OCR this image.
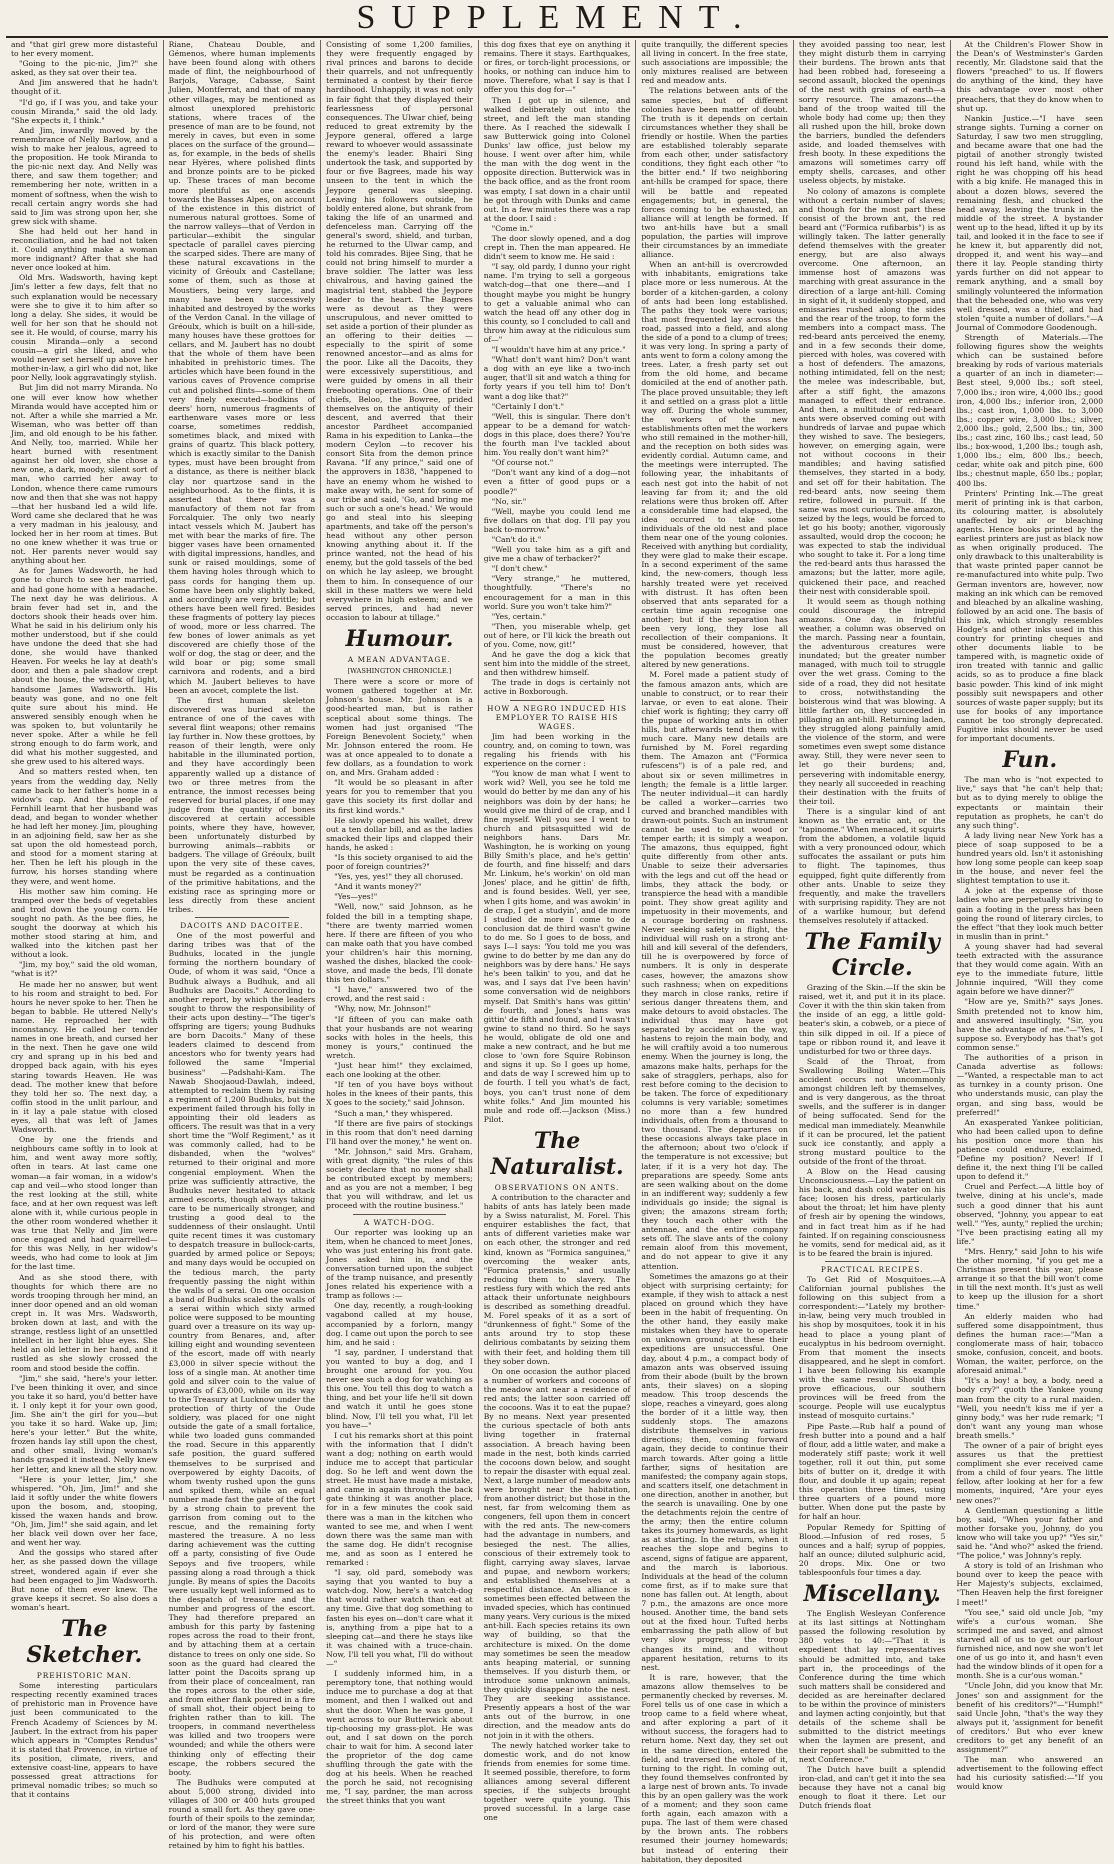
SUPPLEMENT.

and "that girl grew more distasteful to her every moment.

"Going to the pic-nic, Jim?" she asked, as they sat over their tea.

And Jim answered that he hadn't thought of it.

"I'd go, if I was you, and take your cousin Miranda," said the old lady. "She expects it, I think."

And Jim, inwardly moved by the remembrance of Nelly Barlow, and a wish to make her jealous, agreed to the proposition. He took Miranda to the pic-nic next day. And Nelly was there, and saw them together; and remembering her note, written in a moment of softness, when the wish to recall certain angry words she had said to Jim was strong upon her, she grew sick with shame.

She had held out her hand in reconciliation, and he had not taken it. Could anything make a woman more indignant? After that she had never once looked at him.

Old Mrs. Wadsworth, having kept Jim's letter a few days, felt that no such explanation would be necessary were she to give it to him after so long a delay. She sides, it would be well for her son that he should not see it. He would, of course, marry his cousin Miranda—only a second cousin—a girl she liked, and who would never set herself up above her mother-in-law, a girl who did not, like poor Nelly, look aggravatingly stylish.

But Jim did not marry Miranda. No one will ever know how whether Miranda would have accepted him or not. After a while she married a Mr. Wiseman, who was better off than Jim, and old enough to be his father. And Nelly, too, married. While her heart burned with resentment against her old lover, she chose a new one, a dark, moody, silent sort of man, who carried her away to London, whence there came rumours now and then that she was not happy—that her husband led a wild life. Word came she declared that he was a very madman in his jealousy, and locked her in her room at times. But no one knew whether it was true or not. Her parents never would say anything about her.

As for James Wadsworth, he had gone to church to see her married, and had gone home with a headache. The next day he was delirious. A brain fever had set in, and the doctors shook their heads over him. What he said in his delirium only his mother understood, but if she could have undone the deed that she had done, she would have thanked Heaven. For weeks he lay at death's door, and then a pale shadow crept about the house, the wreck of light, handsome James Wadsworth. His beauty was gone, and no one felt quite sure about his mind. He answered sensibly enough when he was spoken to, but voluntarily he never spoke. After a while he fell strong enough to do farm work, and did what his mother suggested, and she grew used to his altered ways.

And so matters rested when, ten years from the wedding day, Nelly came back to her father's home in a widow's cap. And the people of Fernhill learnt that her husband was dead, and began to wonder whether he had left her money. Jim, ploughing in an adjoining field, saw her as she sat upon the old homestead porch, and stood for a moment staring at her. Then he left his plough in the furrow, his horses standing where they were, and went home.

His mother saw him coming. He tramped over the beds of vegetables and trod down the young corn. He sought no path. As the bee flies, he sought the doorway at which his mother stood staring at him, and walked into the kitchen past her without a look.

"Jim, my boy," said the old woman, "what is it?"

He made her no answer, but went to his room and straight to bed. For hours he never spoke to her. Then he began to babble. He uttered Nelly's name. He reproached her with inconstancy. He called her tender names in one breath, and cursed her in the next. Then he gave one wild cry and sprang up in his bed and dropped back again, with his eyes staring towards Heaven. He was dead. The mother knew that before they told her so. The next day, a coffin stood in the unlit parlour, and in it lay a pale statue with closed eyes, all that was left of James Wadsworth.

One by one the friends and neighbours came softly in to look at him, and went away more softly, often in tears. At last came one woman—a fair woman, in a widow's cap and veil—who stood longer than the rest looking at the still, white face, and at her own request was left alone with it, while curious people in the other room wondered whether it was true that Nelly and Jim were once engaged and had quarrelled—for this was Nelly, in her widow's weeds, who had come to look at Jim for the last time.

And as she stood there, with thoughts for which there are no words trooping through her mind, an inner door opened and an old woman crept in. It was Mrs. Wadsworth, broken down at last, and with the strange, restless light of an unsettled intellect in her light blue eyes. She held an old letter in her hand, and it rustled as she slowly crossed the room and stood beside the coffin.

"Jim," she said, "here's your letter. I've been thinking it over, and since you take it so hard, you'd better have it. I only kept it for your own good, Jim. She ain't the girl for you—but you take it so hard. Wake up, Jim; here's your letter." But the white, frozen hands lay still upon the chest, and other small, living woman's hands grasped it instead. Nelly knew her letter, and knew all the story now.

"Here is your letter, Jim," she whispered. "Oh, Jim, Jim!" and she laid it softly under the white flowers upon the bosom, and, stooping, kissed the waxen hands and brow. "Oh, Jim, Jim!" she said again, and let her black veil down over her face, and went her way.

And the gossips who stared after her, as she passed down the village street, wondered again if ever she had been engaged to Jim Wadsworth. But none of them ever knew. The grave keeps it secret. So also does a woman's heart.

The Sketcher.
PREHISTORIC MAN.

Some interesting particulars respecting recently examined traces of prehistoric man in Provence have just been communicated to the French Academy of Sciences by M. Jaubert. In the extract from his paper which appears in "Comptes Rendus" it is stated that Provence, in virtue of its position, climate, rivers, and extensive coast-line, appears to have possessed great attractions for primeval nomadic tribes; so much so that it contains

Riane, Chateau Double, and Gémenos, where human implements have been found along with others made of flint, the neighbourhood of Barjols, Varage, Cabasse, Saint Julien, Montferrat, and that of many other villages, may be mentioned as almost unexplored prehistoric stations, where traces of the presence of man are to be found, not merely in caves, but even in some places on the surface of the ground—as, for example, in the beds of shells near Hyères, where polished flints and bronze points are to be picked up. These traces of man become more plentiful as one ascends towards the Basses Alpes, on account of the existence in this district of numerous natural grottoes. Some of the narrow valleys—that of Verdon in particular—exhibit the singular spectacle of parallel caves piercing the scarped sides. There are many of these natural excavations in the vicinity of Gréoulx and Castellane; some of them, such as those at Moustiers, being very large, and many have been successively inhabited and destroyed by the works of the Verdon Canal. In the village of Gréoulx, which is built on a hill-side, many houses have these grottoes for cellars, and M. Jaubert has no doubt that the whole of them have been inhabited in prehistoric times. The articles which have been found in the various caves of Provence comprise cut and polished flints—some of them very finely executed—bodkins of deers' horn, numerous fragments of earthenware vases more or less coarse, sometimes reddish, sometimes black, and mixed with grains of quartz. This black pottery, which is exactly similar to the Danish types, must have been brought from a distance, as there is neither black clay nor quartzose sand in the neighbourhood. As to the flints, it is asserted that there was a manufactory of them not far from Forcalquier. The only two nearly intact vessels which M. Jaubert has met with bear the marks of fire. The bigger vases have been ornamented with digital impressions, handles, and sunk or raised mouldings, some of them having holes through which to pass cords for hanging them up. Some have been only slightly baked, and accordingly are very brittle; but others have been well fired. Besides these fragments of pottery lay pieces of wood, more or less charred. The few bones of lower animals as yet discovered are chiefly those of the wolf or dog, the stag or deer, and the wild boar or pig; some small carnivora and rodents, and a bird which M. Jaubert believes to have been an avocet, complete the list.

The first human skeleton discovered was buried at the entrance of one of the caves with several flint weapons; other remains lay further in. Now these grottoes, by reason of their length, were only habitable in the illuminated portion, and they have accordingly been apparently walled up a distance of two or three metres from the entrance, the inmost recesses being reserved for burial places, if one may judge from the quantity of bones discovered at certain accessible points, where they have, however, been unfortunately disturbed by burrowing animals—rabbits or badgers. The village of Gréoulx, built upon the very site of these caves, must be regarded as a continuation of the primitive habitations, and the existing race as springing more or less directly from these ancient tribes.

DACOITS AND DACOITEE.

One of the most powerful and daring tribes was that of the Budhuks, located in the jungle forming the northern boundary of Oude, of whom it was said, "Once a Budhuk always a Budhuk, and all Budhuks are Dacoits." According to another report, by which the leaders sought to throw the responsibility of their acts upon destiny—"The tiger's offspring are tigers; young Budhuks are born Dacoits." Many of these leaders claimed to descend from ancestors who for twenty years had followed the same "Imperial business" —Padshahi-Kam. The Nawab Shoojaoud-Dawlah, indeed, attempted to reclaim them by raising a regiment of 1,200 Budhuks, but the experiment failed through his folly in appointing their old leaders as officers. The result was that in a very short time the "Wolf Regiment," as it was commonly called, had to be disbanded, when the "wolves" returned to their original and more congenial employment. When the prize was sufficiently attractive, the Budhuks never hesitated to attack armed escorts, though always taking care to be numerically stronger, and trusting a good deal to the suddenness of their onslaught. Until quite recent times it was customary to despatch treasure in bullock-carts, guarded by armed police or Sepoys; and many days would be occupied on the tedious march, the party frequently passing the night within the walls of a serai. On one occasion a band of Budhuks scaled the walls of a serai within which sixty armed police were supposed to be mounting guard over a treasure on its way up-country from Benares, and, after killing eight and wounding seventeen of the escort, made off with nearly £3,000 in silver specie without the loss of a single man. At another time gold and silver coin to the value of upwards of £3,000, while on its way to the Treasury at Lucknow under the protection of thirty of the Oude soldiery, was placed for one night outside the gate of a small fortalice, while two loaded guns commanded the road. Secure in this apparently safe position, the guard suffered themselves to be surprised and overpowered by eighty Dacoits, of whom twenty rushed upon the guns and spiked them, while an equal number made fast the gate of the fort by a strong chain to prevent the garrison from coming out to the rescue, and the remaining forty mastered the treasure. A no less daring achievement was the cutting off a party, consisting of five Oude Sepoys and five troopers, while passing along a road through a thick jungle. By means of spies the Dacoits were usually kept well informed as to the despatch of treasure and the number and progress of the escort. They had therefore prepared an ambush for this party by fastening ropes across the road to their front, and by attaching them at a certain distance to trees on only one side. So soon as the guard had cleared the latter point the Dacoits sprang up from their place of concealment, ran the ropes across to the other side, and from either flank poured in a fire of small shot, their object being to frighten rather than to kill. The troopers, in command nevertheless was killed and two troopers were wounded; and while the others were thinking only of effecting their escape, the robbers secured the booty.

The Budhuks were computed at about 5,000 strong, divided into villages of 300 or 400 huts grouped round a small fort. As they gave one-fourth of their spoils to the zemindar, or lord of the manor, they were sure of his protection, and were often retained by him to fight his battles.

Consisting of some 1,200 families, they were frequently engaged by rival princes and barons to decide their quarrels, and not unfrequently terminated a contest by their fierce hardihood. Unhappily, it was not only in fair fight that they displayed their fearlessness of personal consequences. The Ulwar chief, being reduced to great extremity by the Jeypore general, offered a large reward to whoever would assassinate the enemy's leader. Bhairi Sing undertook the task, and supported by four or five Bagrees, made his way unseen to the tent in which the Jeypore general was sleeping. Leaving his followers outside, he boldly entered alone, but shrank from taking the life of an unarmed and defenceless man. Carrying off the general's sword, shield, and turban, he returned to the Ulwar camp, and told his comrades. Bijee Sing, that he could not bring himself to murder a brave soldier. The latter was less chivalrous, and having gained the magistrial tent, stabbed the Jeypore leader to the heart. The Bagrees were as devout as they were unscrupulous, and never omitted to set aside a portion of their plunder as an offering to their deities —especially to the spirit of some renowned ancestor—and as alms for the poor. Like all the Dacoits, they were excessively superstitious, and were guided by omens in all their freebooting operations. One of their chiefs, Beloo, the Bowree, prided themselves on the antiquity of their descent, and averred that their ancestor Pardheet accompanied Rama in his expedition to Lanka—the modern Ceylon —to recover his consort Sita from the demon prince Ravana. "If any prince," said one of the approvers in 1838, "happened to have an enemy whom he wished to make away with, he sent for some of our tribe and said, 'Go, and bring me such or such a one's head.' We would go and steal into his sleeping apartments, and take off the person's head without any other person knowing anything about it. If the prince wanted, not the head of his enemy, but the gold tassels of the bed on which he lay asleep, we brought them to him. In consequence of our skill in these matters we were held everywhere in high esteem; and we served princes, and had never occasion to labour at tillage."

Humour.
A MEAN ADVANTAGE.
[WASHINGTON CHRONICLE.]

There were a score or more of women gathered together at Mr. Johnson's house. Mr. Johnson is a good-hearted man, but is rather sceptical about some things. The women had just organised "The Foreign Benevolent Society," when Mr. Johnson entered the room. He was at once appealed to to donate a few dollars, as a foundation to work on, and Mrs. Graham added :

"It would be so pleasant in after years for you to remember that you gave this society its first dollar and its first kind words."

He slowly opened his wallet, drew out a ten dollar bill, and as the ladies smacked their lips and clapped their hands, he asked :

"Is this society organised to aid the poor of foreign countries?"

"Yes, yes, yes!" they all chorused.

"And it wants money?"

"Yes—yes!"

"Well, now," said Johnson, as he folded the bill in a tempting shape, "there are twenty married women here. If there are fifteen of you who can make oath that you have combed your children's hair this morning, washed the dishes, blacked the cook-stove, and made the beds, I'll donate this ten dollars."

"I have," answered two of the crowd, and the rest said :

"Why, now, Mr. Johnson!"

"If fifteen of you can make oath that your husbands are not wearing socks with holes in the heels, this money is yours," continued the wretch.

"Just hear him!" they exclaimed, each one looking at the other.

"If ten of you have boys without holes in the knees of their pants, this X goes to the society," said Johnson.

"Such a man," they whispered.

"If there are five pairs of stockings in this room that don't need darning I'll hand over the money," he went on.

"Mr. Johnson," said Mrs. Graham, with great dignity, "the rules of this society declare that no money shall be contributed except by members; and as you are not a member, I beg that you will withdraw, and let us proceed with the routine business."

A WATCH-DOG.

Our reporter was looking up an item, when he chanced to meet Jones, who was just entering his front gate. Jones asked him in, and the conversation turned upon the subject of the tramp nuisance, and presently Jones related his experience with a tramp as follows :—

One day, recently, a rough-looking vagabond called at my house, accompanied by a forlorn, mangy dog. I came out upon the porch to see him, and he said :

"I say, pardner, I understand that you wanted to buy a dog, and I brought one around for you. You never see such a dog for watching as this one. You tell this dog to watch a thing, and bet your life he'll sit down and watch it until he goes stone blind. Now, I'll tell you what, I'll let you have—"

I cut his remarks short at this point with the information that I didn't want a dog; nothing on earth would induce me to accept that particular dog. So he left and went down the street. He must have made a mistake, and came in again through the back gate thinking it was another place, for in a few minutes the cook said there was a man in the kitchen who wanted to see me, and when I went down there was the same man with the same dog. He didn't recognise me, and as soon as I entered he remarked :

"I say, old pard, somebody was saying that you wanted to buy a watch-dog. Now, here's a watch-dog that would rather watch than eat at any time. Give that dog something to fasten his eyes on—don't care what it is, anything from a pipe hat to a sleeping cat—and there he stays like it was chained with a truce-chain. Now, I'll tell you what, I'll do without—"

I suddenly informed him, in a peremptory tone, that nothing would induce me to purchase a dog at that moment, and then I walked out and shut the door. When he was gone, I went across to our Butterwick about tip-choosing my grass-plot. He was out, and I sat down on the porch chair to wait for him. A second later the proprietor of the dog came shuffling through the gate with the dog at his heels. When he reached the porch he said, not recognising me, "I say, pardner, the man across the street thinks that you want

this dog fixes that eye on anything it remains. There it stays. Earthquakes, or fires, or torch-light processions, or hooks, or nothing can induce him to move. Therefore, what I say is that I offer you this dog for—"

Then I got up in silence, and walked deliberately out into the street, and left the man standing there. As I reached the sidewalk I saw Butterwick going into Colonel Dunks' law office, just below my house. I went over after him, while the man with the dog went in the opposite direction. Butterwick was in the back office, and as the front room was empty, I sat down in a chair until he got through with Dunks and came out. In a few minutes there was a rap at the door. I said :

"Come in."

The door slowly opened, and a dog crept in. Then the man appeared. He didn't seem to know me. He said :

"I say, old pardy, I dunno your right name. I'm trying to sell a gorgeous watch-dog—that one there—and I thought maybe you might be hungry to get a valuable animal who can watch the head off any other dog in this county, so I concluded to call and throw him away at the ridiculous sum of—"

"I wouldn't have him at any price."

"What! don't want him? Don't want a dog with an eye like a two-inch auger, that'll sit and watch a thing for forty years if you tell him to! Don't want a dog like that?"

"Certainly I don't."

"Well, this is singular. There don't appear to be a demand for watch-dogs in this place, does there? You're the fourth man I've tackled about him. You really don't want him?"

"Of course not."

"Don't want any kind of a dog—not even a fitter of good pups or a poodle?"

"No, sir."

"Well, maybe you could lend me five dollars on that dog. I'll pay you back to-morrow."

"Can't do it."

"Well you take him as a gift and give me a chaw of terbacker?"

"I don't chew."

"Very strange," he muttered, thoughtfully. "There's no encouragement for a man in this world. Sure you won't take him?"

"Yes, certain."

"Then, you miserable whelp, get out of here, or I'll kick the breath out of you. Come, now, git!"

And he gave the dog a kick that sent him into the middle of the street, and then withdrew himself.

The trade in dogs is certainly not active in Boxborough.

HOW A NEGRO INDUCED HIS EMPLOYER TO RAISE HIS WAGES.

Jim had been working in the country, and, on coming to town, was regaling his friends with his experience on the corner :

"You know de man what I went to work wid? Well, you see he told me would do better by me dan any of his neighbors was doin by der hans; he would give me third of de crap, and I fine myself. Well you see I went to church and pitsasquitted wid de neighbors hans. Dars Mr. Washington, he is working on young Billy Smith's place, and he's gettin' de fourth, and fine hisself; and dars Mr. Linkum, he's workin' on old man Jones' place, and he gittin' de fifth, and is found besides. Well, yer see, when I gits home, and was awokin' in de crap, I get a studyin', and de more I studied de more I come to de conclusion dat de third wasn't gwine to do me. So I goes to de boss, and says I—I says: 'You told me you was gwine to do better by me dan any do neighbors was by dere hans.' He says he's been talkin' to you, and dat he was, and I says dat I've been havin' some conversation wid de neighbors myself. Dat Smith's hans was gittin' de fourth, and Jones's hans was gittin' de fifth and found, and I wasn't gwine to stand no third. So he says he would, obligate de old one and make a new contract, and he but me close to 'own fore Squire Robinson and signs it up. So I goes up home, and dats de way I screwed him up to de fourth. I tell you what's de fact, boys, you can't trust none of dem white folks." And Jim mounted his mule and rode off.—Jackson (Miss.) Pilot.

The Naturalist.
OBSERVATIONS ON ANTS.

A contribution to the character and habits of ants has lately been made by a Swiss naturalist, M. Forel. This enquirer establishes the fact, that ants of different varieties make war on each other, the stronger and red kind, known as "Formica sanguinea," overcoming the weaker ants, "Formica pratensis," and usually reducing them to slavery. The restless fury with which the red ants attack their unfortunate neighbours is described as something dreadful. M. Forel speaks of it as a sort of "drunkenness of fight." Some of the ants around try to stop these delirious combatants by seizing them with their feet, and holding them till they sober down.

On one occasion the author placed a number of workers and cocoons of the meadow ant near a residence of red ants; the latter soon carried off the cocoons. Was it to eat the pupae? By no means. Next year presented the curious spectacle of both ants living together in fraternal association. A breach having been made in the nest, both kinds carried the cocoons down below, and sought to repair the disaster with equal zeal. Next, a large number of meadow ants were brought near the habitation, from another district; but those in the nest, far from welcoming them as congeners, fell upon them in concert with the red ants. The new-comers had the advantage in numbers, and besieged the nest. The allies, conscious of their extremely took to flight, carrying away slaves, larvae and pupae, and newborn workers; and established themselves at a respectful distance. An alliance is sometimes been effected between the invaded species, which has continued many years. Very curious is the mixed ant-hill. Each species retains its own way of building, so that the architecture is mixed. On the dome may sometimes be seen the meadow ants heaping material, or sunning themselves. If you disturb them, or introduce some unknown animals, they quickly disappear into the nest. They are seeking assistance. Presently appears a host of the war ants out of the burrow, in one direction, and the meadow ants do not join in it with the others.

The newly hatched worker take to domestic work, and do not know friends from enemies for some time. It seemed possible, therefore, to form alliances among several different species, if the subjects brought together were quite young. This proved successful. In a large case one

quite tranquilly, the different species all living in concert. In the free state, such associations are impossible; the only mixtures realised are between red and meadow ants.

The relations between ants of the same species, but of different colonies have been matter of doubt. The truth is it depends on certain circumstances whether they shall be friendly or hostile. When the parties are established tolerably separate from each other, under satisfactory conditions, they fight each other "to the bitter end." If two neighboring ant-hills be cramped for space, there will be battle and repeated engagements; but, in general, the forces coming to be exhausted, an alliance will at length be formed. If two ant-hills have but a small population, the parties will improve their circumstances by an immediate alliance.

When an ant-hill is overcrowded with inhabitants, emigrations take place more or less numerous. At the border of a kitchen-garden, a colony of ants had been long established. The paths they took were various; that most frequented lay across the road, passed into a field, and along the side of a pond to a clump of trees; it was very long. In spring a party of ants went to form a colony among the trees. Later, a fresh party set out from the old home, and became domiciled at the end of another path. The place proved unsuitable; they left it and settled on a grass plot a little way off. During the whole summer, the workers of the new establishments often met the workers who still remained in the mother-hill, and the reception on both sides was evidently cordial. Autumn came, and the meetings were interrupted. The following year, the inhabitants of each nest got into the habit of not leaving far from it; and the old relations were thus broken off. After a considerable time had elapsed, the idea occurred to take some individuals of the old nest and place them near one of the young colonies. Received with anything but cordiality, they were glad to make their escape. In a second experiment of the same kind, the new-comers, though less harshly treated were yet received with distrust. It has often been observed that ants separated for a certain time again recognise one another; but if the separation has been very long, they lose all recollection of their companions. It must be considered, however, that the population becomes greatly altered by new generations.

M. Forel made a patient study of the famous amazon ants, which are unable to construct, or to rear their larvae, or even to eat alone. Their chief work is fighting; they carry off the pupae of working ants in other hills, but afterwards tend them with much care. Many new details are furnished by M. Forel regarding them. The Amazon ant ("Formica rufescens") is of a pale red, and about six or seven millimetres in length; the female is a little larger. The neuter individual—it can hardly be called a worker—carries two curved and branched mandibles with drawn-out points. Such an instrument cannot be used to cut wood or temper earth; it is simply a weapon. The amazons, thus equipped, fight quite differently from other ants. Unable to seize their adversaries with the legs and cut off the head or limbs, they attack the body, or transpierce the head with a mandible point. They show great agility and impetuosity in their movements, and a courage bordering on rashness. Never seeking safety in flight, the individual will rush on a strong ant-hill and kill several of the defenders, till he is overpowered by force of numbers. It is only in desperate cases, however, the amazons show such rashness; when on expeditions they march in close ranks, retire if serious danger threatens them, and make detours to avoid obstacles. The individual thus may have got separated by accident on the way, hastens to rejoin the main body, and he will craftily avoid a too numerous enemy. When the journey is long, the amazons make halts, perhaps for the sake of stragglers, perhaps, also for rest before coming to the decision to be taken. The force of expeditionary columns is very variable; sometimes no more than a few hundred individuals, often from a thousand to two thousand. The departures on these occasions always take place in the afternoon; about two o'clock if the temperature is not excessive; but later, if it is a very hot day. The preparations are speedy. Some ants are seen walking about on the dome in an indifferent way; suddenly a few individuals go inside; the signal is given; the amazons stream forth; they touch each other with the antennae, and the entire company sets off. The slave ants of the colony remain aloof from this movement, and do not appear to give it any attention.

Sometimes the amazons go at their object with surprising certainty; for example, if they wish to attack a nest placed on ground which they have been in the habit of frequenting. On the other hand, they easily make mistakes when they have to operate on unknown ground; at these their expeditions are unsuccessful. One day, about 4 p.m., a compact body of amazon ants was observed issuing from their abode (built by the brown ants, their slaves) on a sloping meadow. This troop descends the slope, reaches a vineyard, goes along the border of it a little way, then suddenly stops. The amazons distribute themselves in various directions; then, coming forward again, they decide to continue their march towards. After going a little farther, signs of hesitation are manifested; the company again stops, and scatters itself, one detachment in one direction, another in another, but the search is unavailing. One by one the detachments rejoin the centre of the army; then the entire column takes its journey homewards, as light as at starting. In the return, when it reaches the slope and begins to ascend, signs of fatigue are apparent, and the march is laborious. Individuals at the head of the column come first, as if to make sure that none has fallen out. At length, about 7 p.m., the amazons are once more housed. Another time, the band sets out at the fixed hour. Tufted herbs embarrassing the path allow of but very slow progress; the troop changes its mind, and without apparent hesitation, returns to its nest.

It is rare, however, that the amazons allow themselves to be permanently checked by reverses. M. Forel tells us of one case in which a troop came to a field where wheat, and after exploring a part of it without success, the foragers had to return home. Next day, they set out in the same direction, entered the field, and traversed the whole of it, turning to the right. In coming out, they found themselves confronted by a large nest of brown ants. To invade this by an open gallery was the work of a moment; and they soon came forth again, each amazon with a pupa. The last of them were chased by the brown ants. The robbers resumed their journey homewards; but instead of entering their habitation, they deposited

they avoided passing too near, lest they might disturb them in carrying their burdens. The brown ants that had been robbed had, foreseeing a second assault, blocked the openings of the nest with grains of earth—a sorry resource. The amazons—the band of the troop waited till the whole body had come up; then they all rushed upon the hill, broke down the barriers, bundled the defenders aside, and loaded themselves with fresh booty. In these expeditions the amazons will sometimes carry off empty shells, carcases, and other useless objects, by mistake.

No colony of amazons is complete without a certain number of slaves; and though for the most part these consist of the brown ant, the red beard ant ("Formica rufibarbis") is as willingly taken. The latter generally defend themselves with the greater energy, but are also always overcome. One afternoon, an immense host of amazons was marching with great assurance in the direction of a large ant-hill. Coming in sight of it, it suddenly stopped, and emissaries rushed along the sides and the rear of the troop, to form the members into a compact mass. The red-beard ants perceived the enemy, and in a few seconds their dome, pierced with holes, was covered with a host of defenders. The amazons, nothing intimidated, fell on the nest; the melee was indescribable, but, after a stiff fight, the amazons managed to effect their entrance. And then, a multitude of red-beard ants were observed coming out with hundreds of larvae and pupae which they wished to save. The besiegers, however, on emerging again, were not without cocoons in their mandibles; and having satisfied themselves, they started in a body, and set off for their habitation. The red-beard ants, now seeing them retire, followed in pursuit. If the same was most curious. The amazon, seized by the legs, would be forced to let go his booty; another, vigorously assaulted, would drop the cocoon; he was expected to stab the individual who sought to take it. For a long time the red-beard ants thus harassed the amazons; but the latter, more agile, quickened their pace, and reached their nest with considerable spoil.

It would seem as though nothing could discourage the intrepid amazons. One day, in frightful weather, a column was observed on the march. Passing near a fountain, the adventurous creatures were inundated; but the greater number managed, with much toil to struggle over the wet grass. Coming to the side of a road, they did not hesitate to cross, notwithstanding the boisterous wind that was blowing. A little farther on, they succeeded in pillaging an ant-hill. Returning laden, they struggled along painfully amid the violence of the storm, and were sometimes even swept some distance away. Still, they were never seen to let go their burdens; and, persevering with indomitable energy, they nearly all succeeded in reaching their destination with the fruits of their toil.

There is a singular kind of ant known as the erratic ant, or the "tapinome." When menaced, it squirts from the abdomen, a volatile liquid with a very pronounced odour, which suffocates the assailant or puts him to flight. The tapinomes, thus equipped, fight quite differently from other ants. Unable to seize they frequently, and make the travellers with surprising rapidity. They are not of a warlike humour, but defend themselves resolutely if attacked.

The Family Circle.

Grazing of the Skin.—If the skin be raised, wet it, and put it in its place. Cover it with the thin skin taken from the inside of an egg, a little gold-beater's skin, a cobweb, or a piece of thin silk dipped in oil. If a piece of tape or ribbon round it, and leave it undisturbed for two or three days.

Scald of the Throat, from Swallowing Boiling Water.—This accident occurs not uncommonly amongst children left by themselves, and is very dangerous, as the throat swells, and the sufferer is in danger of being suffocated. Send for the medical man immediately. Meanwhile if it can be procured, let the patient suck ice constantly, and apply a strong mustard poultice to the outside of the front of the throat.

A Blow on the Head causing Unconsciousness.—Lay the patient on his back, and dash cold water on his face; loosen his dress, particularly about the throat; let him have plenty of fresh air by opening the windows, and in fact treat him as if he had fainted. If on regaining consciousness he vomits, send for medical aid, as it is to be feared the brain is injured.

PRACTICAL RECIPES.

To Get Rid of Mosquitoes.—A Californian journal publishes the following on this subject from a correspondent:—"Lately my brother-in-law, being very much troubled in his shop by mosquitoes, took it in his head to place a young plant of eucalyptus in his bedroom overnight. From that moment the insects disappeared, and he slept in comfort. I have been following his example with the same result. Should this prove efficacious, our southern provinces will be freed from the scourge. People will use eucalyptus instead of mosquito curtains."

Pipe Paste.—Rub half a pound of fresh butter into a pound and a half of flour, add a little water, and make a moderately stiff paste; work it well together, roll it out thin, put some bits of butter on it, dredge it with flour, and double it up again; repeat this operation three times, using three quarters of a pound more butter. When done put the paste by for half an hour.

Popular Remedy for Spitting of Blood.—Infusion of red roses, 5 ounces and a half; syrup of poppies, half an ounce; diluted sulphuric acid, 20 drops. Mix. One or two tablespoonfuls four times a day.

Miscellany.

The English Wesleyan Conference at its last sittings at Nottingham passed the following resolution by 380 votes to 40:—"That it is expedient that lay representatives should be admitted into, and take part in, the proceedings of the Conference during the time which such matters shall be considered and decided as are hereinafter declared to be within the province of ministers and laymen acting conjointly, but that details of the scheme shall be submitted to the district meetings when the laymen are present, and their report shall be submitted to the next Conference."

The Dutch have built a splendid iron-clad, and can't get it into the sea because they have not a canal big enough to float it there. Let our Dutch friends float

At the Children's Flower Show in the Dean's of Westminster's Garden recently, Mr. Gladstone said that the flowers "preached" to us. If flowers do anything of the kind, they have this advantage over most other preachers, that they do know when to shut up.

Nankin Justice.—"I have seen strange sights. Turning a corner on Saturday, I saw two men struggling, and became aware that one had the pigtail of another strongly twisted round his left hand, while with the right he was chopping off his head with a big knife. He managed this in about a dozen blows, severed the remaining flesh, and chucked the head away, leaving the trunk in the middle of the street. A bystander went up to the head, lifted it up by its tail, and looked it in the face to see if he knew it, but apparently did not, dropped it, and went his way—and there it lay. People standing thirty yards further on did not appear to remark anything, and a small boy smilingly volunteered the information that the beheaded one, who was very well dressed, was a thief, and had stolen "quite a number of dollars."—A Journal of Commodore Goodenough.

Strength of Materials.—The following figures show the weights which can be sustained before breaking by rods of various materials a quarter of an inch in diameter:—Best steel, 9,000 lbs.; soft steel, 7,000 lbs.; iron wire, 4,000 lbs.; good iron, 4,000 lbs.; inferior iron, 2,000 lbs.; cast iron, 1,000 lbs. to 3,000 lbs.; copper wire, 3,000 lbs.; silver, 2,000 lbs.; gold, 2,500 lbs.; tin, 300 lbs.; cast zinc, 160 lbs.; cast lead, 50 lbs.; box-wood, 1,200 lbs.; tough ash, 1,000 lbs.; elm, 800 lbs.; beech, cedar, white oak and pitch pine, 600 lbs.; chestnut maple, 650 lbs.; poplar, 400 lbs.

Printers' Printing Ink.—The great merit of printing ink is that carbon, its colouring matter, is absolutely unaffected by air or bleaching agents. Hence books printed by the earliest printers are just as black now as when originally produced. The only drawback to this unalterability is that waste printed paper cannot be re-manufactured into white pulp. Two German inventors are, however, now making an ink which can be removed and bleached by an alkaline washing, followed by an acid one. The basis of this ink, which strongly resembles Hodge's and other inks used in this country for printing cheques and other documents liable to be tampered with, is magnetic oxide of iron treated with tannic and gallic acids, so as to produce a fine black basic powder. This kind of ink might possibly suit newspapers and other sources of waste paper supply; but its use for books of any importance cannot be too strongly deprecated. Fugitive inks should never be used for important documents.

Fun.

The man who is "not expected to live," says that "he can't help that; but as to dying merely to oblige the expectants or maintain their reputation as prophets, he can't do any such thing".

A lady living near New York has a piece of soap supposed to be a hundred years old. Isn't it astonishing how long some people can keep soap in the house, and never feel the slightest temptation to use it.

A joke at the expense of those ladies who are perpetually striving to gain a footing in the press has been going the round of literary circles, to the effect "that they look much better in muslin than in print."

A young shaver had had several teeth extracted with the assurance that they would come again. With an eye to the immediate future, little Johnnie inquired, "Will they come again before we have dinner?"

"How are ye, Smith?" says Jones. Smith pretended not to know him, and answered insultingly, "Sir, you have the advantage of me."—"Yes, I suppose so. Everybody has that's got common sense."

The authorities of a prison in Canada advertise as follows:—"Wanted, a respectable man to act as turnkey in a county prison. One who understands music, can play the organ, and sing bass, would be preferred!"

An exasperated Yankee politician, who had been called upon to define his position once more than his patience could endure, exclaimed, "Define my position? Never! If I define it, the next thing I'll be called upon to defend it."

Cruel and Perfect.—A little boy of twelve, dining at his uncle's, made such a good dinner that his aunt observed, "Johnny, you appear to eat well." "Yes, aunty," replied the urchin; "I've been practising eating all my life."

"Mrs. Henry," said John to his wife the other morning, "if you get me a Christmas present this year, please arrange it so that the bill won't come in till the next month. It's just as well to keep up the illusion for a short time."

An elderly maiden who had suffered some disappointment, thus defines the human race:—"Man a conglomerate mass of hair, tobacco smoke, confusion, conceit, and boots. Woman, the waiter, perforce, on the aforesaid animal."

"It's a boy! a boy, a body, need a body cry?" quoth the Yankee young man from the city to a rural maiden. "Well, you needn't kiss me if yer a ginny body," was her rude remark; "I don't want any young man whose breath smells."

The owner of a pair of bright eyes assures us that the prettiest compliment she ever received came from a child of four years. The little fellow, after looking at her for a few moments, inquired, "Are your eyes new ones?"

A Gentleman questioning a little boy, said, "When your father and mother forsake you, Johnny, do you know who will take you up?" "Yes sir," said he. "And who?" asked the friend. "The police," was Johnny's reply.

A story is told of an Irishman who bound over to keep the peace with Her Majesty's subjects, exclaimed, "Then Heaven help the first foreigner I meet!"

"You see," said old uncle Job, "my wife's a cur'ous woman. She scrimped me and saved, and almost starved all of us to get our parlour furnished nice, and now she won't let one of us go into it, and hasn't even had the window blinds of it open for a month. She is a cur'ous woman."

"Uncle John, did you know that Mr. Jones' son and assignment for the benefit of his creditors?"—"Humph!" said Uncle John, "that's the way they always put it, 'assignment for benefit of creditors.' But who ever knew creditors to get any benefit of an assignment?"

The man who answered an advertisement to the following effect had his curiosity satisfied:—"If you would know
